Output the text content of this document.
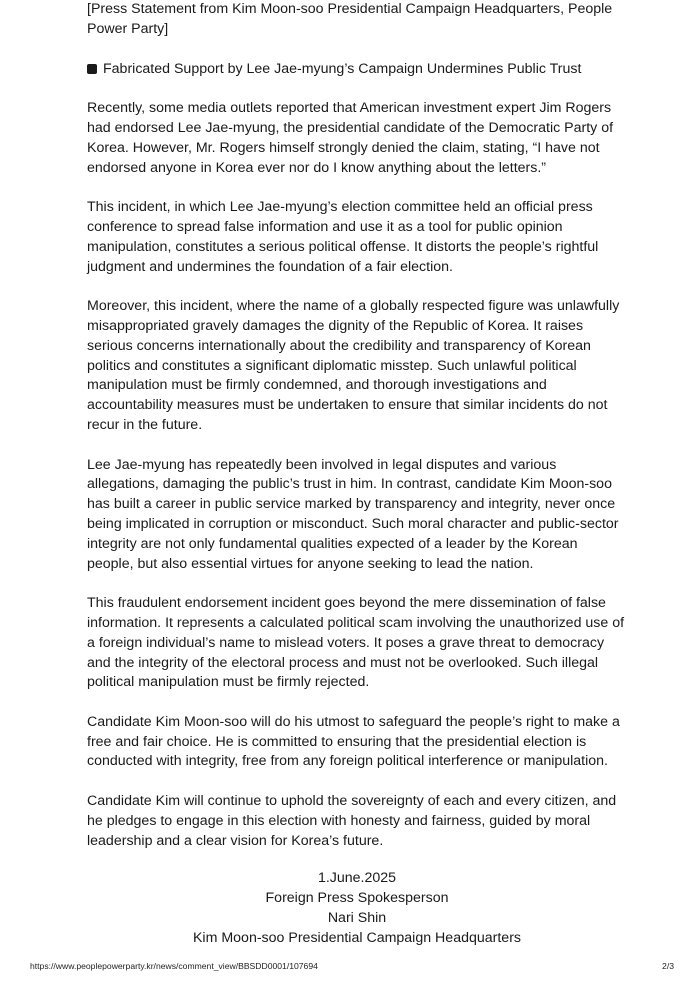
[Press Statement from Kim Moon-soo Presidential Campaign Headquarters, People Power Party]
Fabricated Support by Lee Jae-myung’s Campaign Undermines Public Trust

Recently, some media outlets reported that American investment expert Jim Rogers had endorsed Lee Jae-myung, the presidential candidate of the Democratic Party of Korea. However, Mr. Rogers himself strongly denied the claim, stating, “I have not endorsed anyone in Korea ever nor do I know anything about the letters.”

This incident, in which Lee Jae-myung’s election committee held an official press conference to spread false information and use it as a tool for public opinion manipulation, constitutes a serious political offense. It distorts the people’s rightful judgment and undermines the foundation of a fair election.

Moreover, this incident, where the name of a globally respected figure was unlawfully misappropriated gravely damages the dignity of the Republic of Korea. It raises serious concerns internationally about the credibility and transparency of Korean politics and constitutes a significant diplomatic misstep. Such unlawful political manipulation must be firmly condemned, and thorough investigations and accountability measures must be undertaken to ensure that similar incidents do not recur in the future.

Lee Jae-myung has repeatedly been involved in legal disputes and various allegations, damaging the public’s trust in him. In contrast, candidate Kim Moon-soo has built a career in public service marked by transparency and integrity, never once being implicated in corruption or misconduct. Such moral character and public-sector integrity are not only fundamental qualities expected of a leader by the Korean people, but also essential virtues for anyone seeking to lead the nation.

This fraudulent endorsement incident goes beyond the mere dissemination of false information. It represents a calculated political scam involving the unauthorized use of a foreign individual’s name to mislead voters. It poses a grave threat to democracy and the integrity of the electoral process and must not be overlooked. Such illegal political manipulation must be firmly rejected.

Candidate Kim Moon-soo will do his utmost to safeguard the people’s right to make a free and fair choice. He is committed to ensuring that the presidential election is conducted with integrity, free from any foreign political interference or manipulation.

Candidate Kim will continue to uphold the sovereignty of each and every citizen, and he pledges to engage in this election with honesty and fairness, guided by moral leadership and a clear vision for Korea’s future.

1.June.2025
Foreign Press Spokesperson
Nari Shin
Kim Moon-soo Presidential Campaign Headquarters
https://www.peoplepowerparty.kr/news/comment_view/BBSDD0001/107694	2/3
